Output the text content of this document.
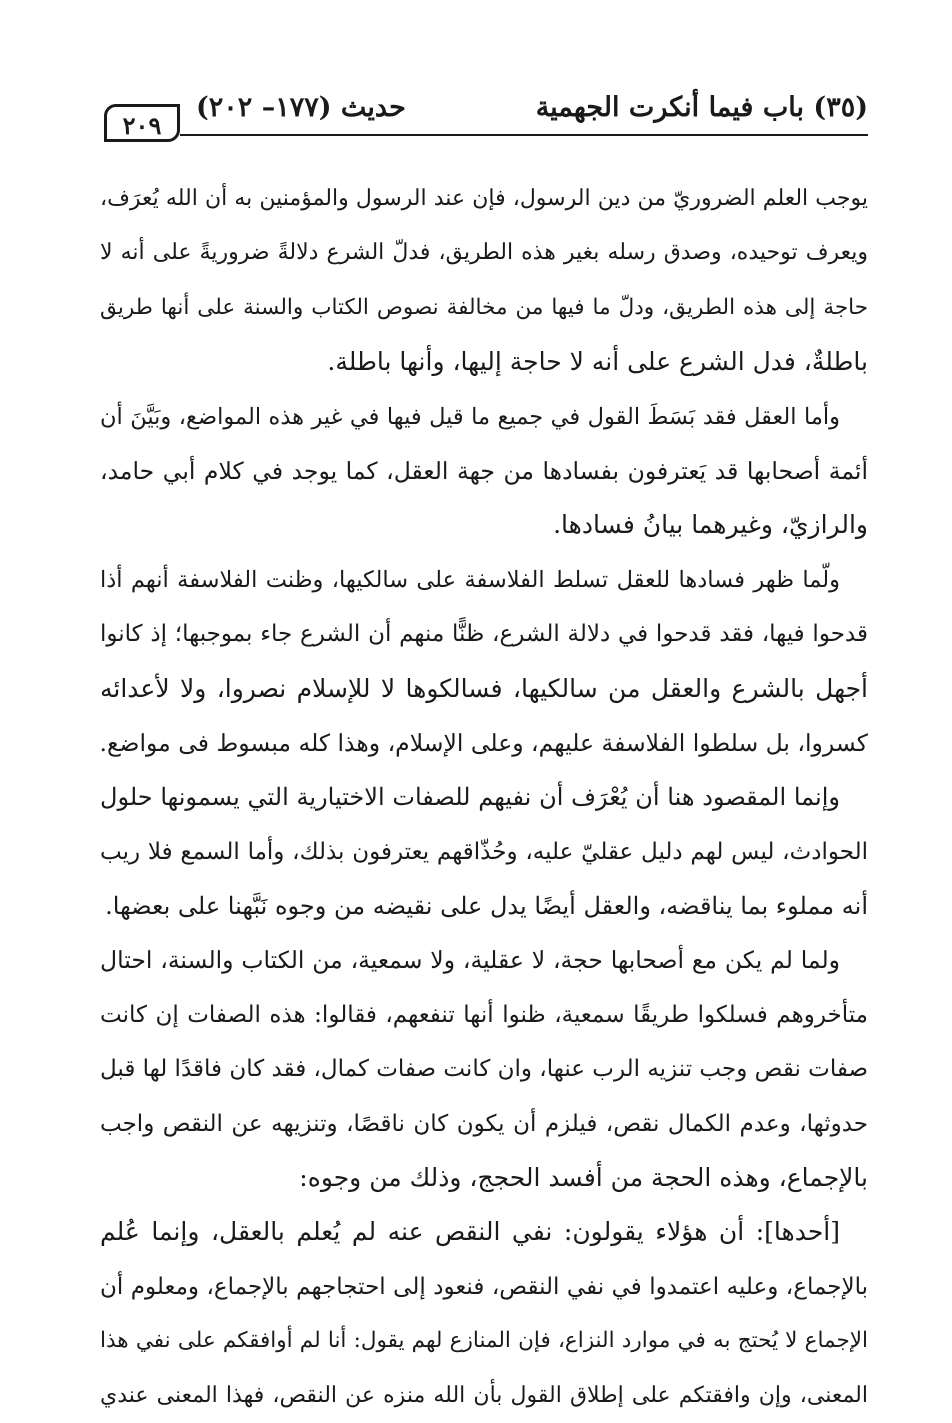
(٣٥) باب فيما أنكرت الجهمية
حديث (١٧٧– ٢٠٢)
٢٠٩
يوجب العلم الضروريّ من دين الرسول، فإن عند الرسول والمؤمنين به أن الله يُعرَف،
ويعرف توحيده، وصدق رسله بغير هذه الطريق، فدلّ الشرع دلالةً ضروريةً على أنه لا
حاجة إلى هذه الطريق، ودلّ ما فيها من مخالفة نصوص الكتاب والسنة على أنها طريق
باطلةٌ، فدل الشرع على أنه لا حاجة إليها، وأنها باطلة.
وأما العقل فقد بَسَطَ القول في جميع ما قيل فيها في غير هذه المواضع، وبَيَّنَ أن
أئمة أصحابها قد يَعترفون بفسادها من جهة العقل، كما يوجد في كلام أبي حامد،
والرازيّ، وغيرهما بيانُ فسادها.
ولّما ظهر فسادها للعقل تسلط الفلاسفة على سالكيها، وظنت الفلاسفة أنهم أذا
قدحوا فيها، فقد قدحوا في دلالة الشرع، ظنًّا منهم أن الشرع جاء بموجبها؛ إذ كانوا
أجهل بالشرع والعقل من سالكيها، فسالكوها لا للإسلام نصروا، ولا لأعدائه
كسروا، بل سلطوا الفلاسفة عليهم، وعلى الإسلام، وهذا كله مبسوط فى مواضع.
وإنما المقصود هنا أن يُعْرَف أن نفيهم للصفات الاختيارية التي يسمونها حلول
الحوادث، ليس لهم دليل عقليّ عليه، وحُذّاقهم يعترفون بذلك، وأما السمع فلا ريب
أنه مملوء بما يناقضه، والعقل أيضًا يدل على نقيضه من وجوه نَبَّهنا على بعضها.
ولما لم يكن مع أصحابها حجة، لا عقلية، ولا سمعية، من الكتاب والسنة، احتال
متأخروهم فسلكوا طريقًا سمعية، ظنوا أنها تنفعهم، فقالوا: هذه الصفات إن كانت
صفات نقص وجب تنزيه الرب عنها، وان كانت صفات كمال، فقد كان فاقدًا لها قبل
حدوثها، وعدم الكمال نقص، فيلزم أن يكون كان ناقصًا، وتنزيهه عن النقص واجب
بالإجماع، وهذه الحجة من أفسد الحجج، وذلك من وجوه:
[أحدها]: أن هؤلاء يقولون: نفي النقص عنه لم يُعلم بالعقل، وإنما عُلم
بالإجماع، وعليه اعتمدوا في نفي النقص، فنعود إلى احتجاجهم بالإجماع، ومعلوم أن
الإجماع لا يُحتج به في موارد النزاع، فإن المنازع لهم يقول: أنا لم أوافقكم على نفي هذا
المعنى، وإن وافقتكم على إطلاق القول بأن الله منزه عن النقص، فهذا المعنى عندي
